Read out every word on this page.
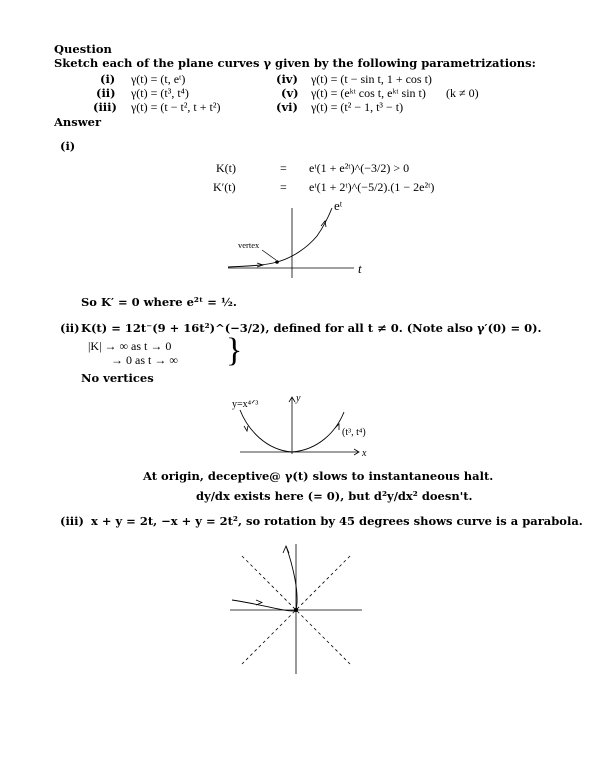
Question
Sketch each of the plane curves γ given by the following parametrizations:
(i) γ(t) = (t, eᵗ)
(ii) γ(t) = (t³, t⁴)
(iii) γ(t) = (t − t², t + t²)
(iv) γ(t) = (t − sin t, 1 + cos t)
(v) γ(t) = (eᵏᵗ cos t, eᵏᵗ sin t) (k ≠ 0)
(vi) γ(t) = (t² − 1, t³ − t)
Answer
(i)
K(t)	= eᵗ(1 + e²ᵗ)^(−3/2) > 0
K′(t)	= eᵗ(1 + 2ᵗ)^(−5/2).(1 − 2e²ᵗ)
vertex
eᵗ
t
So K′ = 0 where e²ᵗ = ½.
(ii) K(t) = 12t⁻(9 + 16t²)^(−3/2), defined for all t ≠ 0. (Note also γ′(0) = 0).
|K| → ∞ as t → 0
→ 0 as t → ∞ }
No vertices
y=x⁴ᐟ³
(t³, t⁴)
y
x
At origin, deceptive@ γ(t) slows to instantaneous halt.
dy/dx exists here (= 0), but d²y/dx² doesn't.
(iii) x + y = 2t, −x + y = 2t², so rotation by 45 degrees shows curve is a parabola.
